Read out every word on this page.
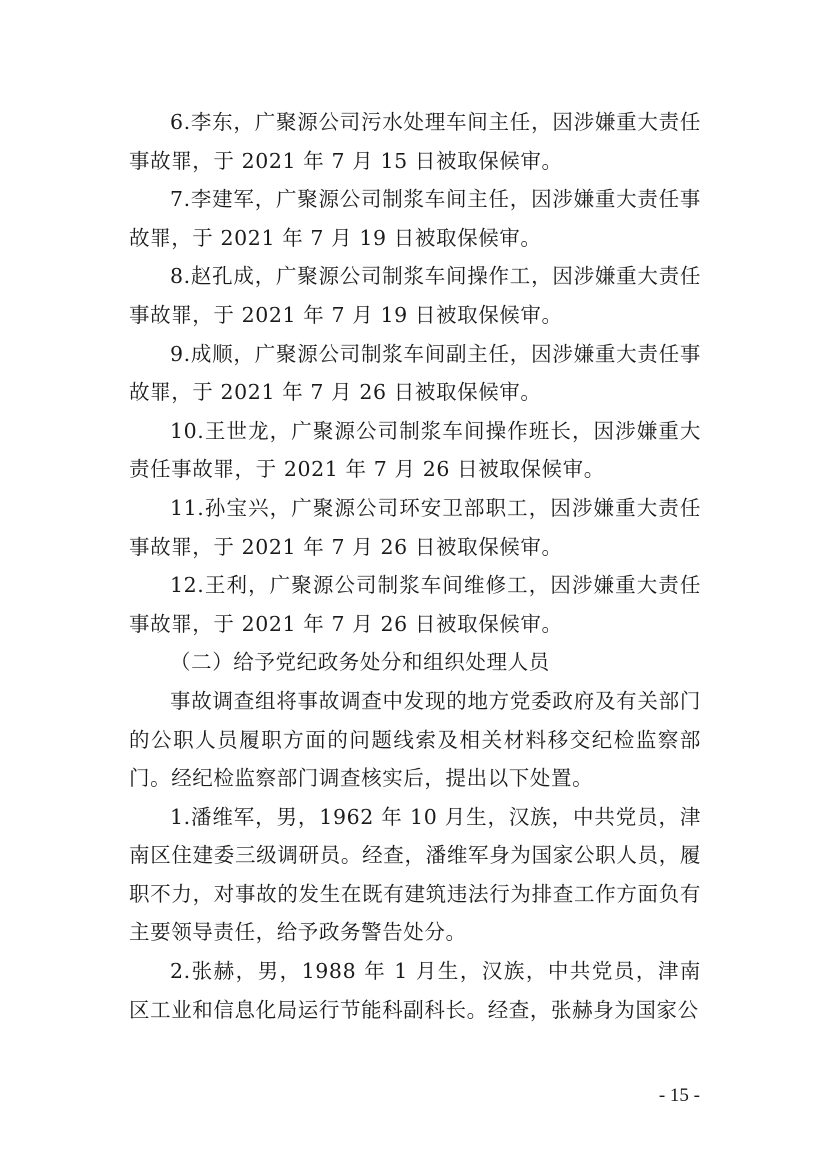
6.李东，广聚源公司污水处理车间主任，因涉嫌重大责任事故罪，于 2021 年 7 月 15 日被取保候审。

7.李建军，广聚源公司制浆车间主任，因涉嫌重大责任事故罪，于 2021 年 7 月 19 日被取保候审。

8.赵孔成，广聚源公司制浆车间操作工，因涉嫌重大责任事故罪，于 2021 年 7 月 19 日被取保候审。

9.成顺，广聚源公司制浆车间副主任，因涉嫌重大责任事故罪，于 2021 年 7 月 26 日被取保候审。

10.王世龙，广聚源公司制浆车间操作班长，因涉嫌重大责任事故罪，于 2021 年 7 月 26 日被取保候审。

11.孙宝兴，广聚源公司环安卫部职工，因涉嫌重大责任事故罪，于 2021 年 7 月 26 日被取保候审。

12.王利，广聚源公司制浆车间维修工，因涉嫌重大责任事故罪，于 2021 年 7 月 26 日被取保候审。

（二）给予党纪政务处分和组织处理人员

事故调查组将事故调查中发现的地方党委政府及有关部门的公职人员履职方面的问题线索及相关材料移交纪检监察部门。经纪检监察部门调查核实后，提出以下处置。

1.潘维军，男，1962 年 10 月生，汉族，中共党员，津南区住建委三级调研员。经查，潘维军身为国家公职人员，履职不力，对事故的发生在既有建筑违法行为排查工作方面负有主要领导责任，给予政务警告处分。

2.张赫，男，1988 年 1 月生，汉族，中共党员，津南区工业和信息化局运行节能科副科长。经查，张赫身为国家公

- 15 -
